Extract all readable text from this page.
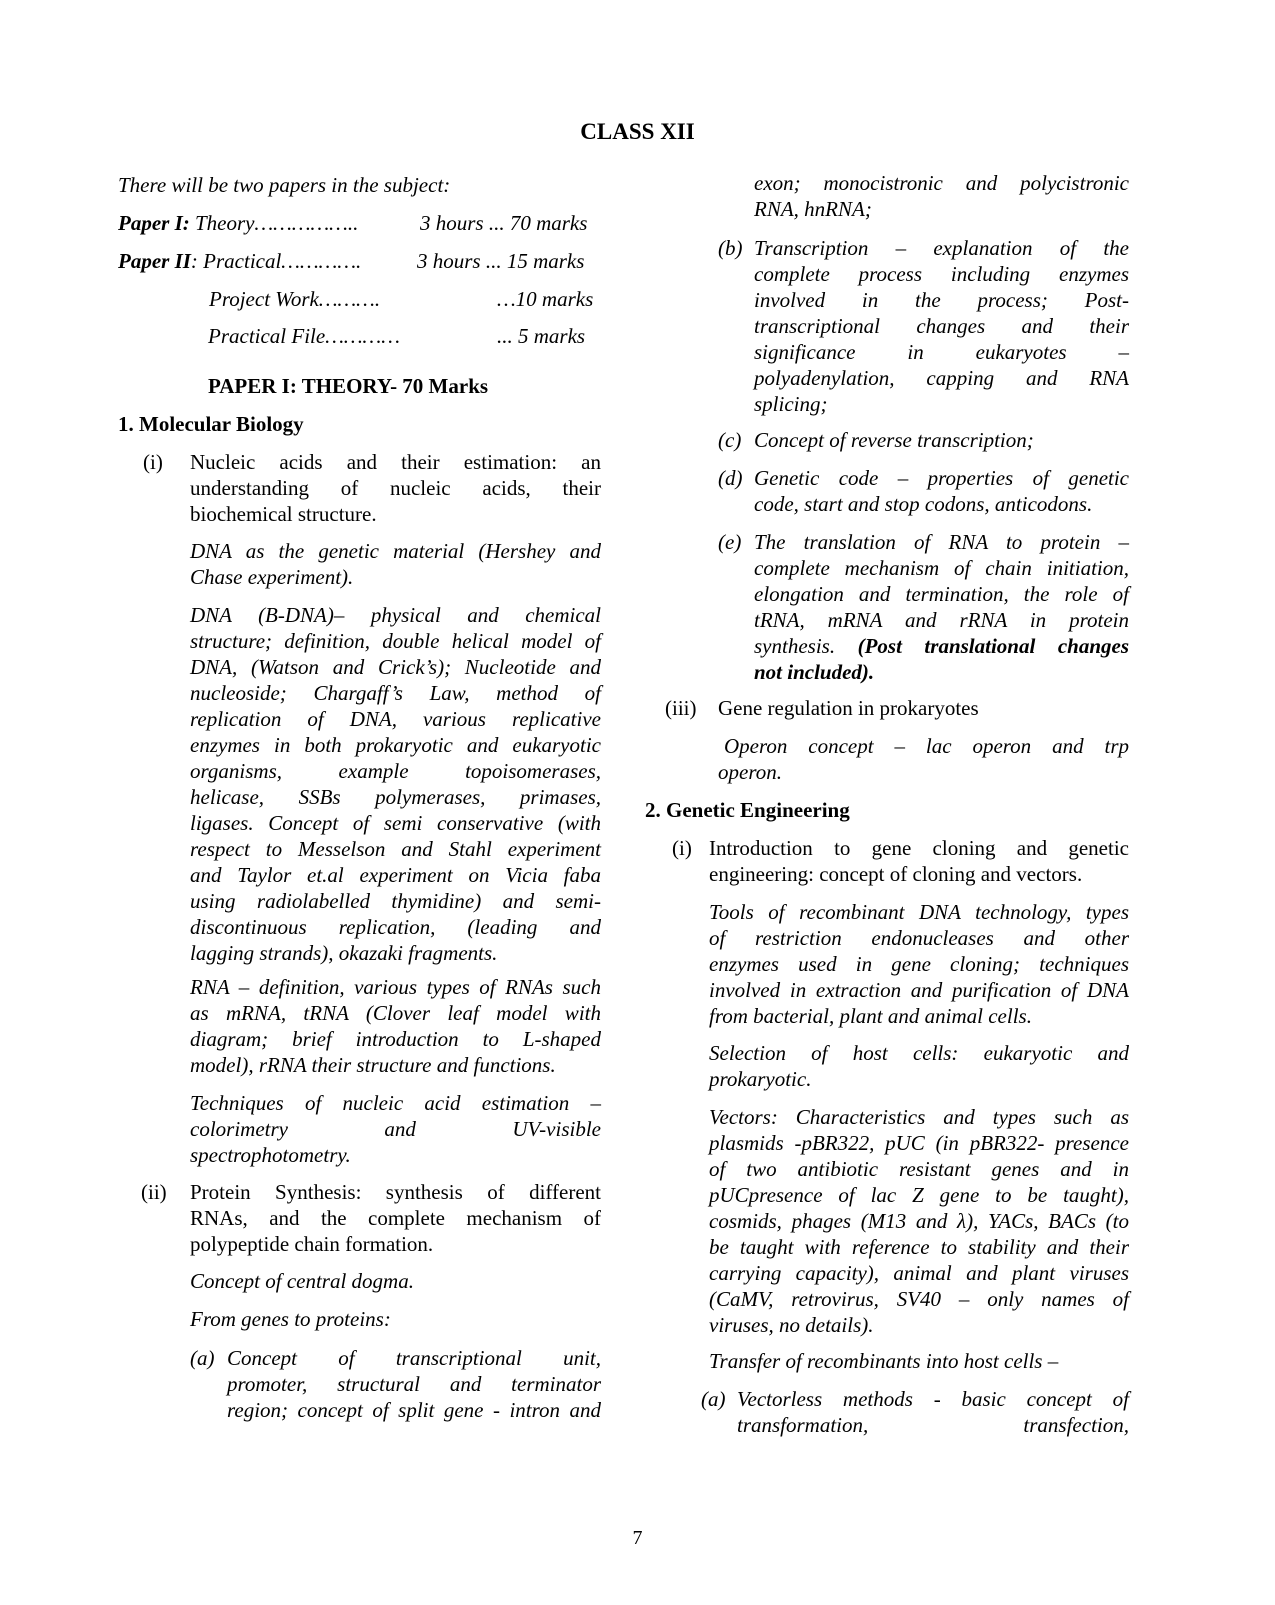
CLASS XII
There will be two papers in the subject:
Paper I: Theory……………..	3 hours ... 70 marks
Paper II: Practical………….	3 hours ... 15 marks
Project Work……….	…10 marks
Practical File…………	... 5 marks
PAPER I: THEORY- 70 Marks
1. Molecular Biology
(i) Nucleic acids and their estimation: an
understanding of nucleic acids, their
biochemical structure.
DNA as the genetic material (Hershey and
Chase experiment).
DNA (B-DNA)– physical and chemical
structure; definition, double helical model of
DNA, (Watson and Crick’s); Nucleotide and
nucleoside; Chargaff’s Law, method of
replication of DNA, various replicative
enzymes in both prokaryotic and eukaryotic
organisms, example topoisomerases,
helicase, SSBs polymerases, primases,
ligases. Concept of semi conservative (with
respect to Messelson and Stahl experiment
and Taylor et.al experiment on Vicia faba
using radiolabelled thymidine) and semi-
discontinuous replication, (leading and
lagging strands), okazaki fragments.
RNA – definition, various types of RNAs such
as mRNA, tRNA (Clover leaf model with
diagram; brief introduction to L-shaped
model), rRNA their structure and functions.
Techniques of nucleic acid estimation –
colorimetry and UV-visible
spectrophotometry.
(ii) Protein Synthesis: synthesis of different
RNAs, and the complete mechanism of
polypeptide chain formation.
Concept of central dogma.
From genes to proteins:
(a) Concept of transcriptional unit,
promoter, structural and terminator
region; concept of split gene - intron and
exon; monocistronic and polycistronic
RNA, hnRNA;
(b) Transcription – explanation of the
complete process including enzymes
involved in the process; Post-
transcriptional changes and their
significance in eukaryotes –
polyadenylation, capping and RNA
splicing;
(c) Concept of reverse transcription;
(d) Genetic code – properties of genetic
code, start and stop codons, anticodons.
(e) The translation of RNA to protein –
complete mechanism of chain initiation,
elongation and termination, the role of
tRNA, mRNA and rRNA in protein
synthesis. (Post translational changes
not included).
(iii) Gene regulation in prokaryotes
Operon concept – lac operon and trp
operon.
2. Genetic Engineering
(i) Introduction to gene cloning and genetic
engineering: concept of cloning and vectors.
Tools of recombinant DNA technology, types
of restriction endonucleases and other
enzymes used in gene cloning; techniques
involved in extraction and purification of DNA
from bacterial, plant and animal cells.
Selection of host cells: eukaryotic and
prokaryotic.
Vectors: Characteristics and types such as
plasmids -pBR322, pUC (in pBR322- presence
of two antibiotic resistant genes and in
pUCpresence of lac Z gene to be taught),
cosmids, phages (M13 and λ), YACs, BACs (to
be taught with reference to stability and their
carrying capacity), animal and plant viruses
(CaMV, retrovirus, SV40 – only names of
viruses, no details).
Transfer of recombinants into host cells –
(a) Vectorless methods - basic concept of
transformation, transfection,
7
